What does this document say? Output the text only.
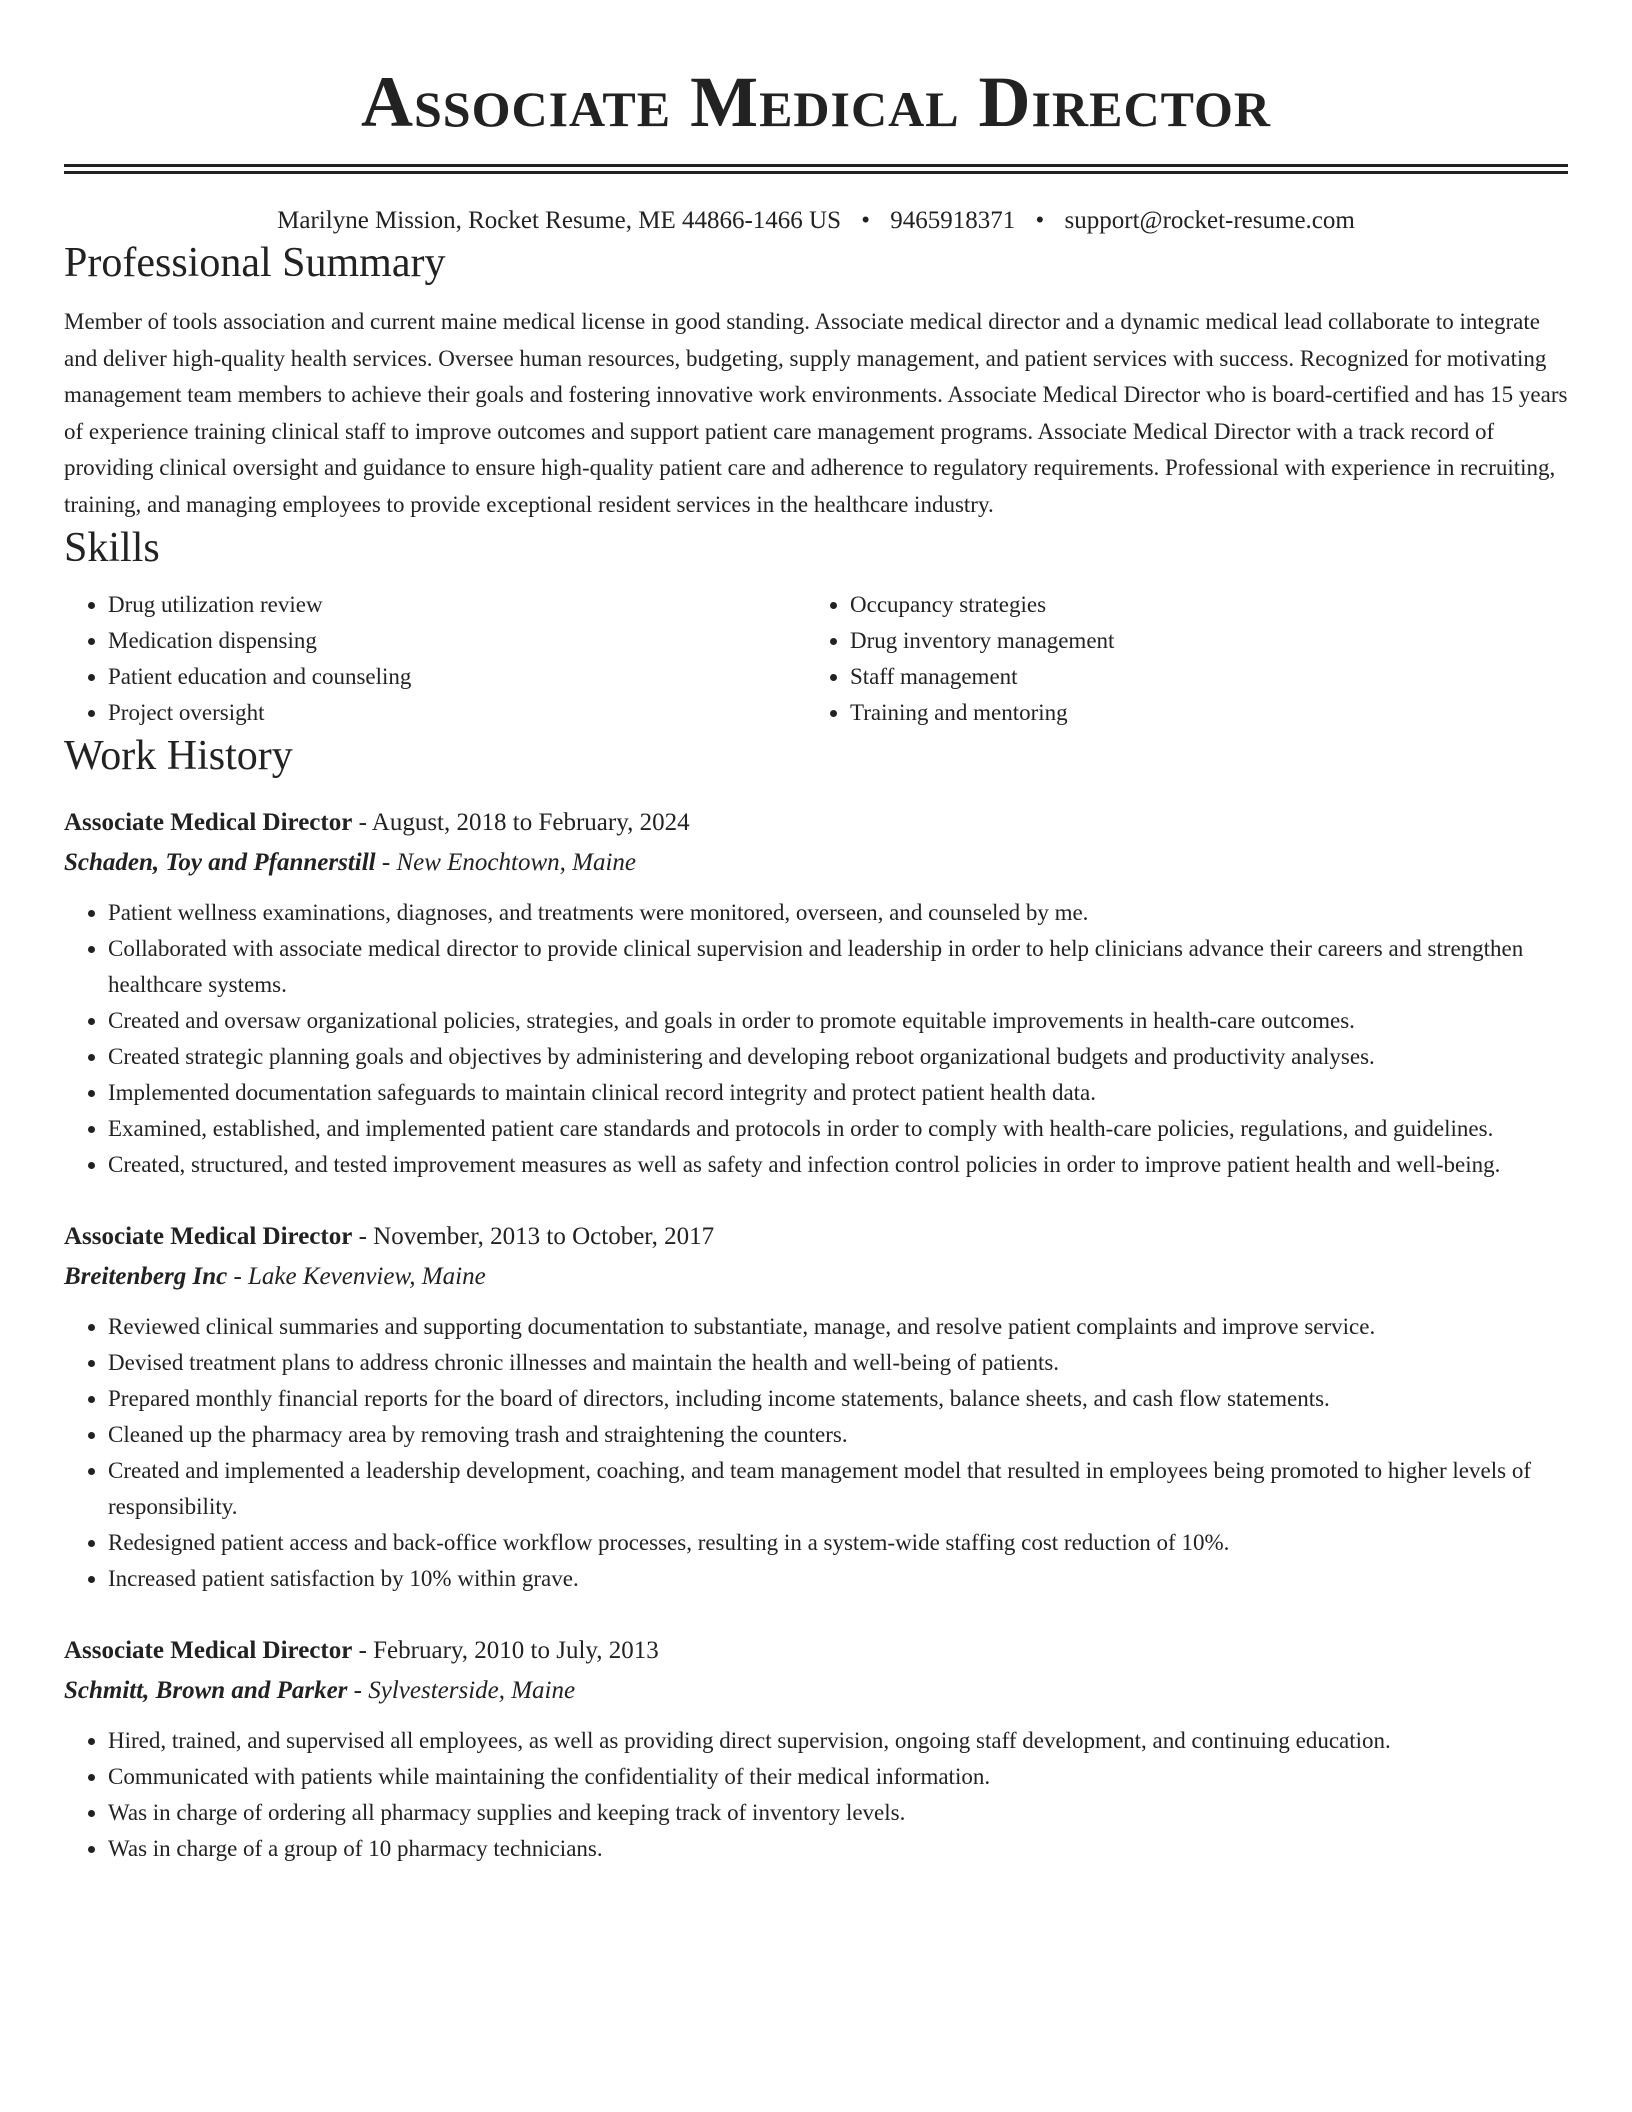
Associate Medical Director
Marilyne Mission, Rocket Resume, ME 44866-1466 US • 9465918371 • support@rocket-resume.com
Professional Summary

Member of tools association and current maine medical license in good standing. Associate medical director and a dynamic medical lead collaborate to integrate and deliver high-quality health services. Oversee human resources, budgeting, supply management, and patient services with success. Recognized for motivating management team members to achieve their goals and fostering innovative work environments. Associate Medical Director who is board-certified and has 15 years of experience training clinical staff to improve outcomes and support patient care management programs. Associate Medical Director with a track record of providing clinical oversight and guidance to ensure high-quality patient care and adherence to regulatory requirements. Professional with experience in recruiting, training, and managing employees to provide exceptional resident services in the healthcare industry.

Skills
• Drug utilization review
• Medication dispensing
• Patient education and counseling
• Project oversight
• Occupancy strategies
• Drug inventory management
• Staff management
• Training and mentoring
Work History
Associate Medical Director - August, 2018 to February, 2024
Schaden, Toy and Pfannerstill - New Enochtown, Maine
• Patient wellness examinations, diagnoses, and treatments were monitored, overseen, and counseled by me.
• Collaborated with associate medical director to provide clinical supervision and leadership in order to help clinicians advance their careers and strengthen healthcare systems.
• Created and oversaw organizational policies, strategies, and goals in order to promote equitable improvements in health-care outcomes.
• Created strategic planning goals and objectives by administering and developing reboot organizational budgets and productivity analyses.
• Implemented documentation safeguards to maintain clinical record integrity and protect patient health data.
• Examined, established, and implemented patient care standards and protocols in order to comply with health-care policies, regulations, and guidelines.
• Created, structured, and tested improvement measures as well as safety and infection control policies in order to improve patient health and well-being.
Associate Medical Director - November, 2013 to October, 2017
Breitenberg Inc - Lake Kevenview, Maine
• Reviewed clinical summaries and supporting documentation to substantiate, manage, and resolve patient complaints and improve service.
• Devised treatment plans to address chronic illnesses and maintain the health and well-being of patients.
• Prepared monthly financial reports for the board of directors, including income statements, balance sheets, and cash flow statements.
• Cleaned up the pharmacy area by removing trash and straightening the counters.
• Created and implemented a leadership development, coaching, and team management model that resulted in employees being promoted to higher levels of responsibility.
• Redesigned patient access and back-office workflow processes, resulting in a system-wide staffing cost reduction of 10%.
• Increased patient satisfaction by 10% within grave.
Associate Medical Director - February, 2010 to July, 2013
Schmitt, Brown and Parker - Sylvesterside, Maine
• Hired, trained, and supervised all employees, as well as providing direct supervision, ongoing staff development, and continuing education.
• Communicated with patients while maintaining the confidentiality of their medical information.
• Was in charge of ordering all pharmacy supplies and keeping track of inventory levels.
• Was in charge of a group of 10 pharmacy technicians.
